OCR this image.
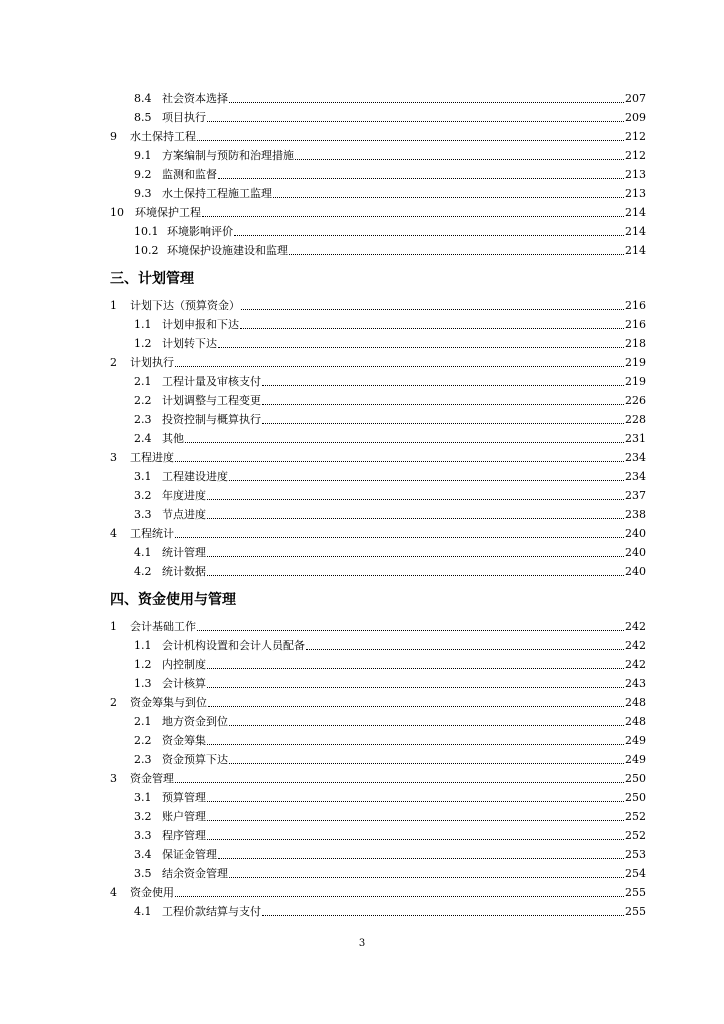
8.4 社会资本选择	207
8.5 项目执行	209
9	水土保持工程	212
9.1 方案编制与预防和治理措施	212
9.2 监测和监督	213
9.3 水土保持工程施工监理	213
10	环境保护工程	214
10.1 环境影响评价	214
10.2 环境保护设施建设和监理	214
三、计划管理
1	计划下达（预算资金）	216
1.1 计划申报和下达	216
1.2 计划转下达	218
2	计划执行	219
2.1 工程计量及审核支付	219
2.2 计划调整与工程变更	226
2.3 投资控制与概算执行	228
2.4 其他	231
3	工程进度	234
3.1 工程建设进度	234
3.2 年度进度	237
3.3 节点进度	238
4	工程统计	240
4.1 统计管理	240
4.2 统计数据	240
四、资金使用与管理
1	会计基础工作	242
1.1 会计机构设置和会计人员配备	242
1.2 内控制度	242
1.3 会计核算	243
2	资金筹集与到位	248
2.1 地方资金到位	248
2.2 资金筹集	249
2.3 资金预算下达	249
3	资金管理	250
3.1 预算管理	250
3.2 账户管理	252
3.3 程序管理	252
3.4 保证金管理	253
3.5 结余资金管理	254
4	资金使用	255
4.1 工程价款结算与支付	255
3
